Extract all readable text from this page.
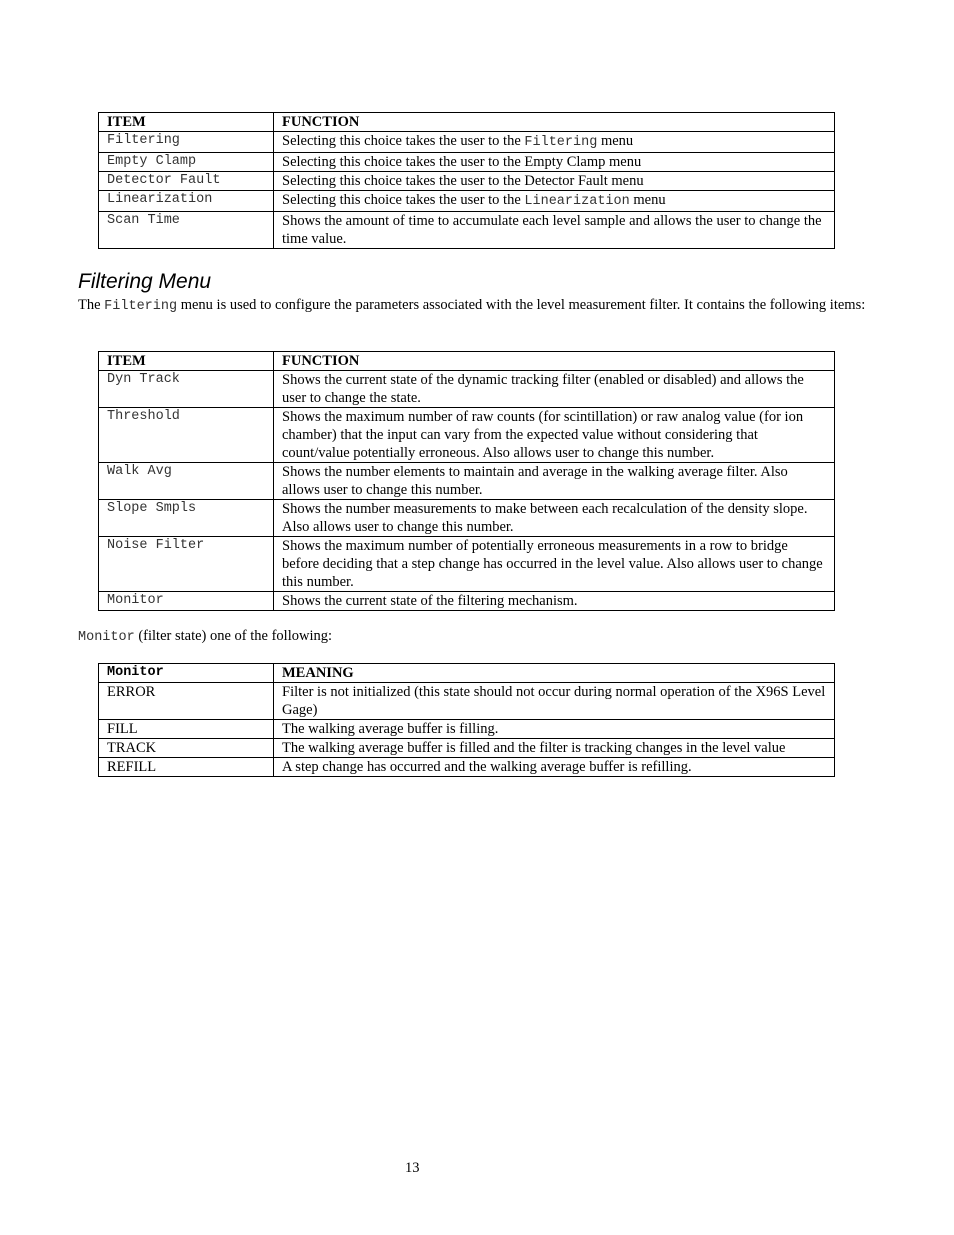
ITEM	FUNCTION
Filtering	Selecting this choice takes the user to the Filtering menu
Empty Clamp	Selecting this choice takes the user to the Empty Clamp menu
Detector Fault	Selecting this choice takes the user to the Detector Fault menu
Linearization	Selecting this choice takes the user to the Linearization menu
Scan Time	Shows the amount of time to accumulate each level sample and allows the user to change the time value.
Filtering Menu
The Filtering menu is used to configure the parameters associated with the level measurement filter. It contains the following items:
ITEM	FUNCTION
Dyn Track	Shows the current state of the dynamic tracking filter (enabled or disabled) and allows the user to change the state.
Threshold	Shows the maximum number of raw counts (for scintillation) or raw analog value (for ion chamber) that the input can vary from the expected value without considering that count/value potentially erroneous. Also allows user to change this number.
Walk Avg	Shows the number elements to maintain and average in the walking average filter. Also allows user to change this number.
Slope Smpls	Shows the number measurements to make between each recalculation of the density slope. Also allows user to change this number.
Noise Filter	Shows the maximum number of potentially erroneous measurements in a row to bridge before deciding that a step change has occurred in the level value. Also allows user to change this number.
Monitor	Shows the current state of the filtering mechanism.
Monitor (filter state) one of the following:
Monitor	MEANING
ERROR	Filter is not initialized (this state should not occur during normal operation of the X96S Level Gage)
FILL	The walking average buffer is filling.
TRACK	The walking average buffer is filled and the filter is tracking changes in the level value
REFILL	A step change has occurred and the walking average buffer is refilling.
13
